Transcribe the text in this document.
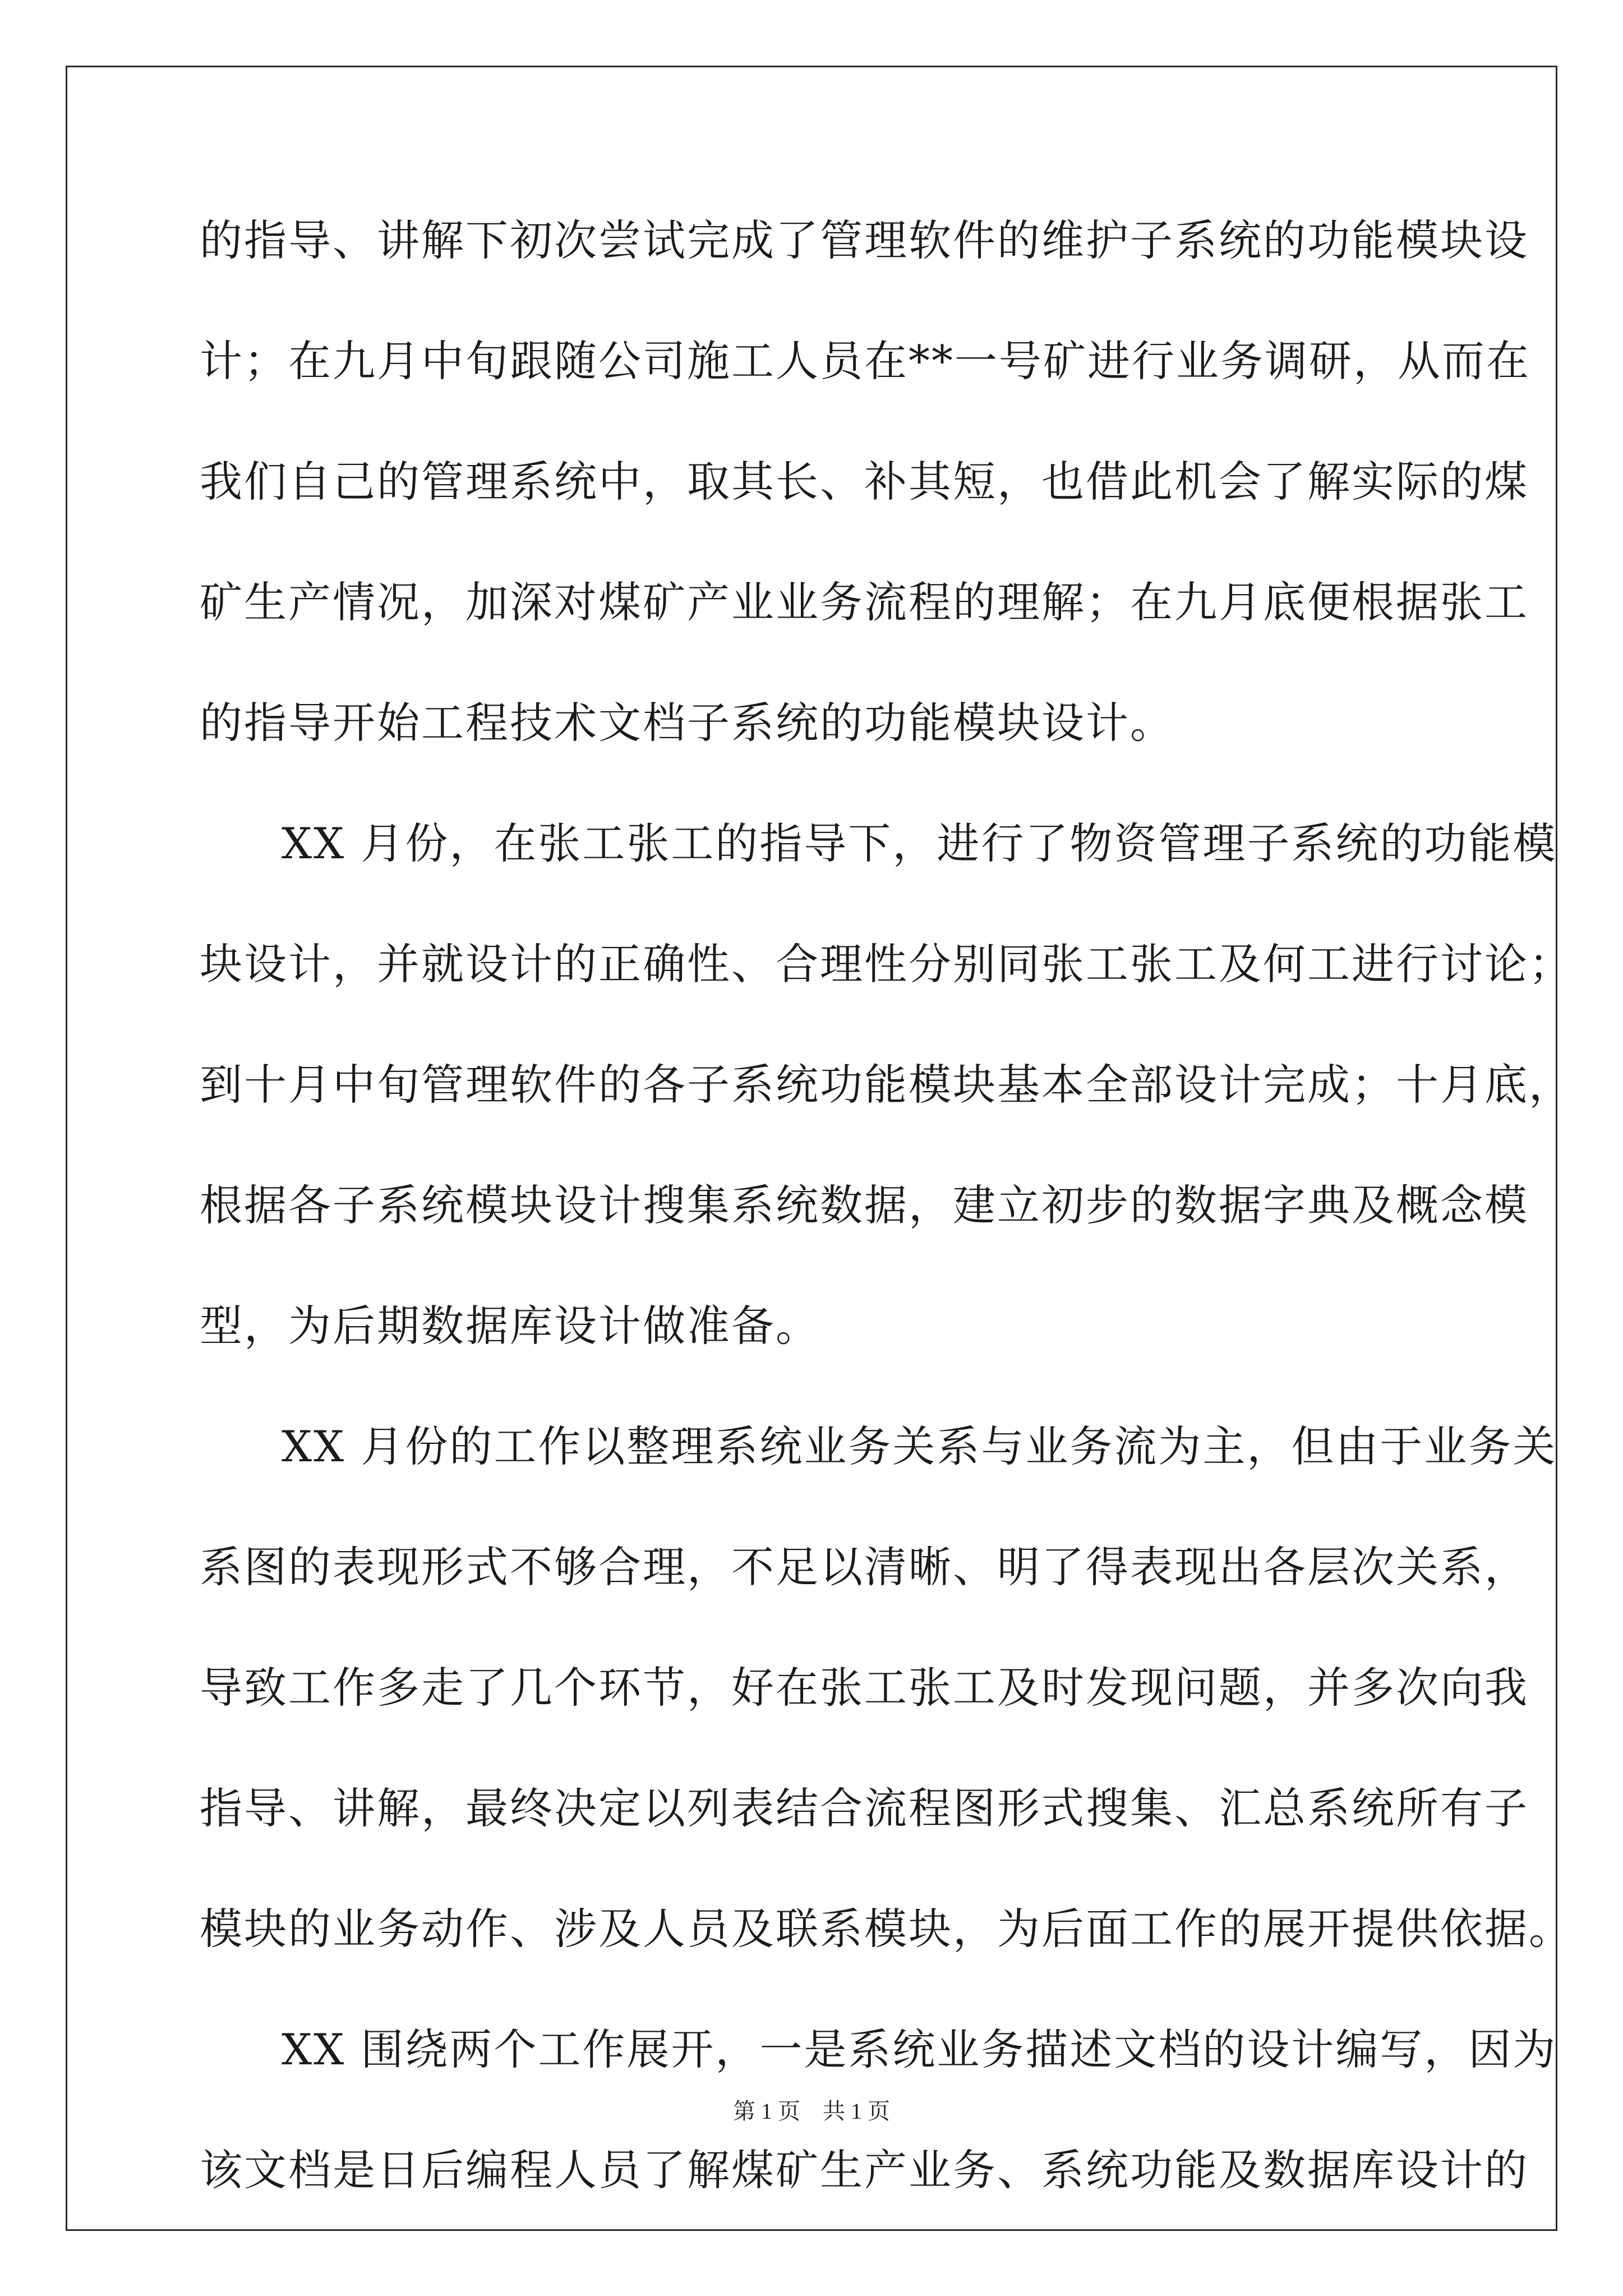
的指导、讲解下初次尝试完成了管理软件的维护子系统的功能模块设
计；在九月中旬跟随公司施工人员在**一号矿进行业务调研，从而在
我们自己的管理系统中，取其长、补其短，也借此机会了解实际的煤
矿生产情况，加深对煤矿产业业务流程的理解；在九月底便根据张工
的指导开始工程技术文档子系统的功能模块设计。
XX 月份，在张工张工的指导下，进行了物资管理子系统的功能模
块设计，并就设计的正确性、合理性分别同张工张工及何工进行讨论；
到十月中旬管理软件的各子系统功能模块基本全部设计完成；十月底，
根据各子系统模块设计搜集系统数据，建立初步的数据字典及概念模
型，为后期数据库设计做准备。
XX 月份的工作以整理系统业务关系与业务流为主，但由于业务关
系图的表现形式不够合理，不足以清晰、明了得表现出各层次关系，
导致工作多走了几个环节，好在张工张工及时发现问题，并多次向我
指导、讲解，最终决定以列表结合流程图形式搜集、汇总系统所有子
模块的业务动作、涉及人员及联系模块，为后面工作的展开提供依据。
XX 围绕两个工作展开，一是系统业务描述文档的设计编写，因为
该文档是日后编程人员了解煤矿生产业务、系统功能及数据库设计的
第 1 页 共 1 页
